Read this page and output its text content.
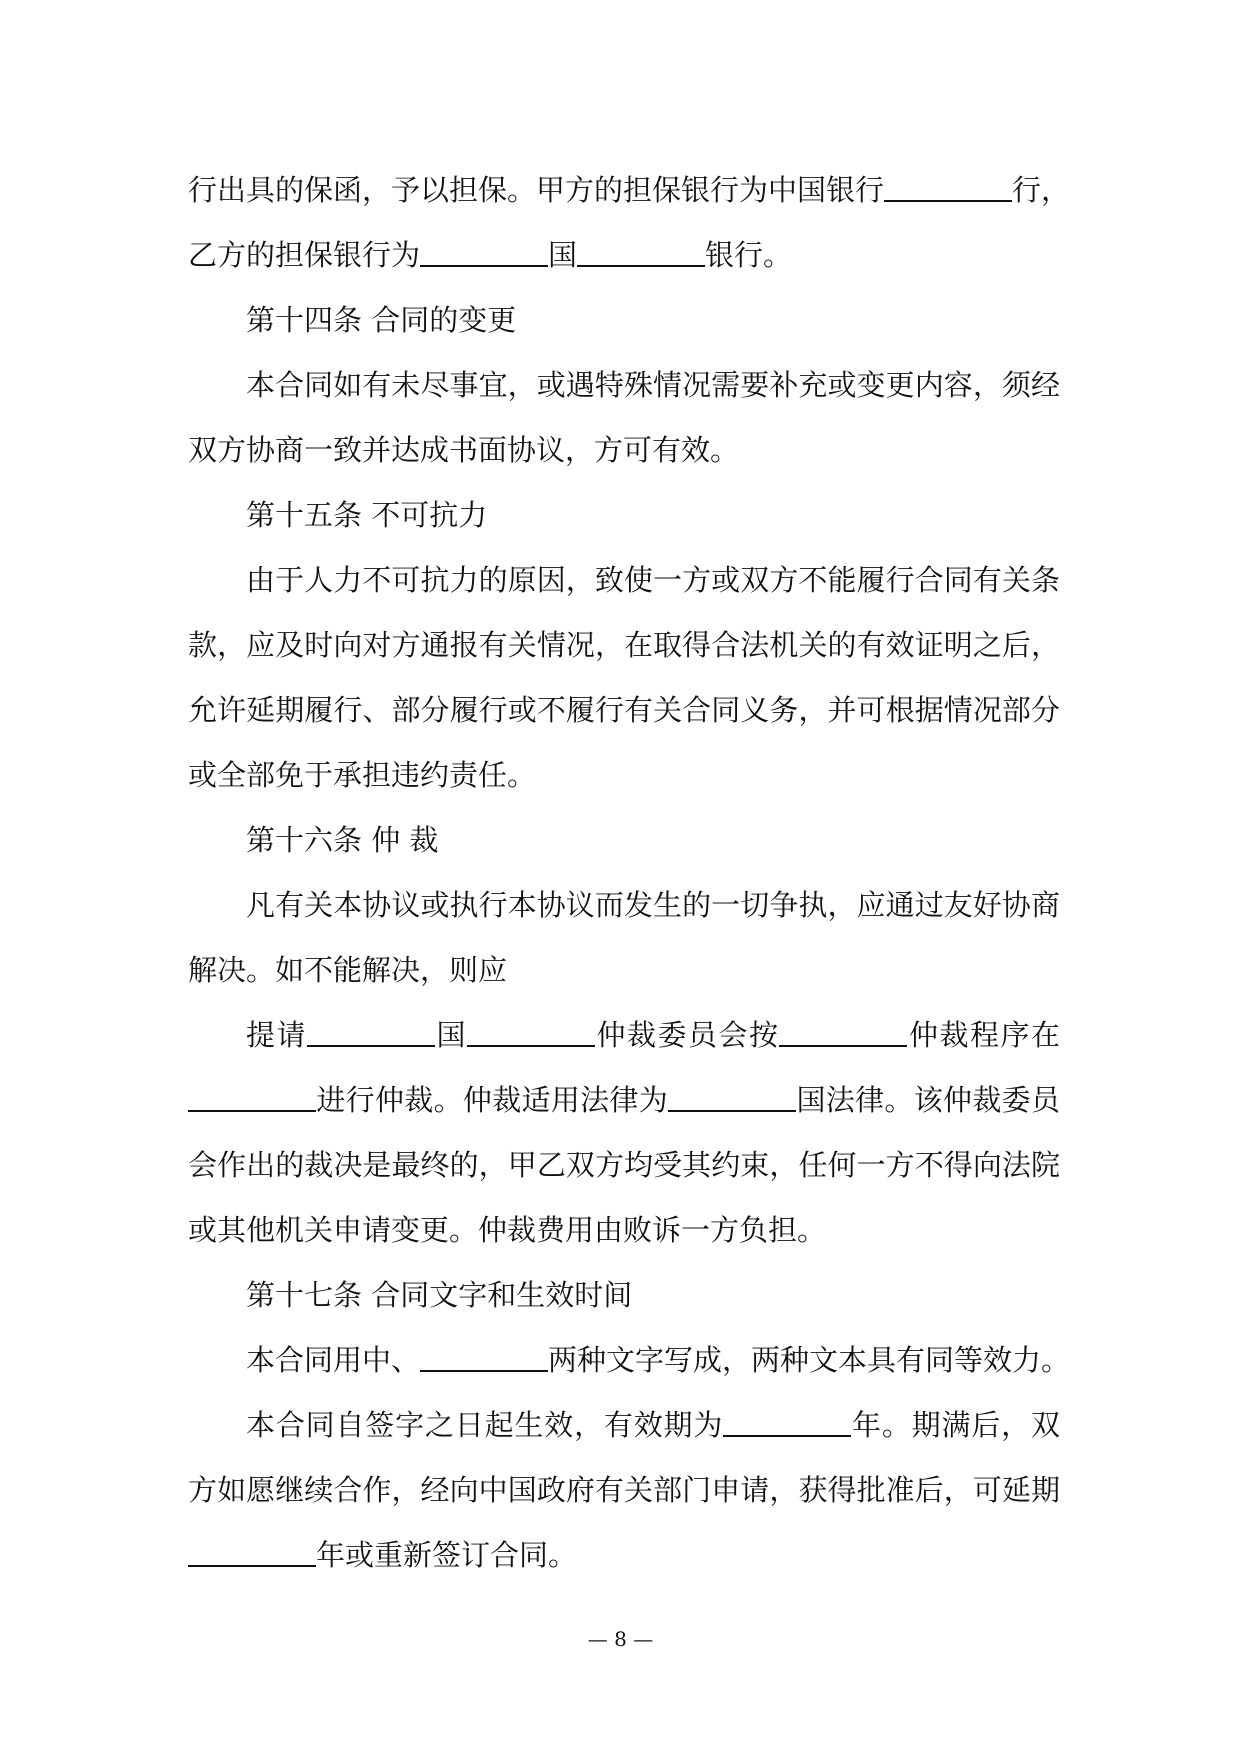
行出具的保函，予以担保。甲方的担保银行为中国银行	行，
乙方的担保银行为	国	银行。
第十四条 合同的变更
本合同如有未尽事宜，或遇特殊情况需要补充或变更内容，须经
双方协商一致并达成书面协议，方可有效。
第十五条 不可抗力
由于人力不可抗力的原因，致使一方或双方不能履行合同有关条
款，应及时向对方通报有关情况，在取得合法机关的有效证明之后，
允许延期履行、部分履行或不履行有关合同义务，并可根据情况部分
或全部免于承担违约责任。
第十六条 仲 裁
凡有关本协议或执行本协议而发生的一切争执，应通过友好协商
解决。如不能解决，则应
提请	国	仲裁委员会按	仲裁程序在
进行仲裁。仲裁适用法律为	国法律。该仲裁委员
会作出的裁决是最终的，甲乙双方均受其约束，任何一方不得向法院
或其他机关申请变更。仲裁费用由败诉一方负担。
第十七条 合同文字和生效时间
本合同用中、	两种文字写成，两种文本具有同等效力。
本合同自签字之日起生效，有效期为	年。期满后，双
方如愿继续合作，经向中国政府有关部门申请，获得批准后，可延期
年或重新签订合同。
— 8 —
